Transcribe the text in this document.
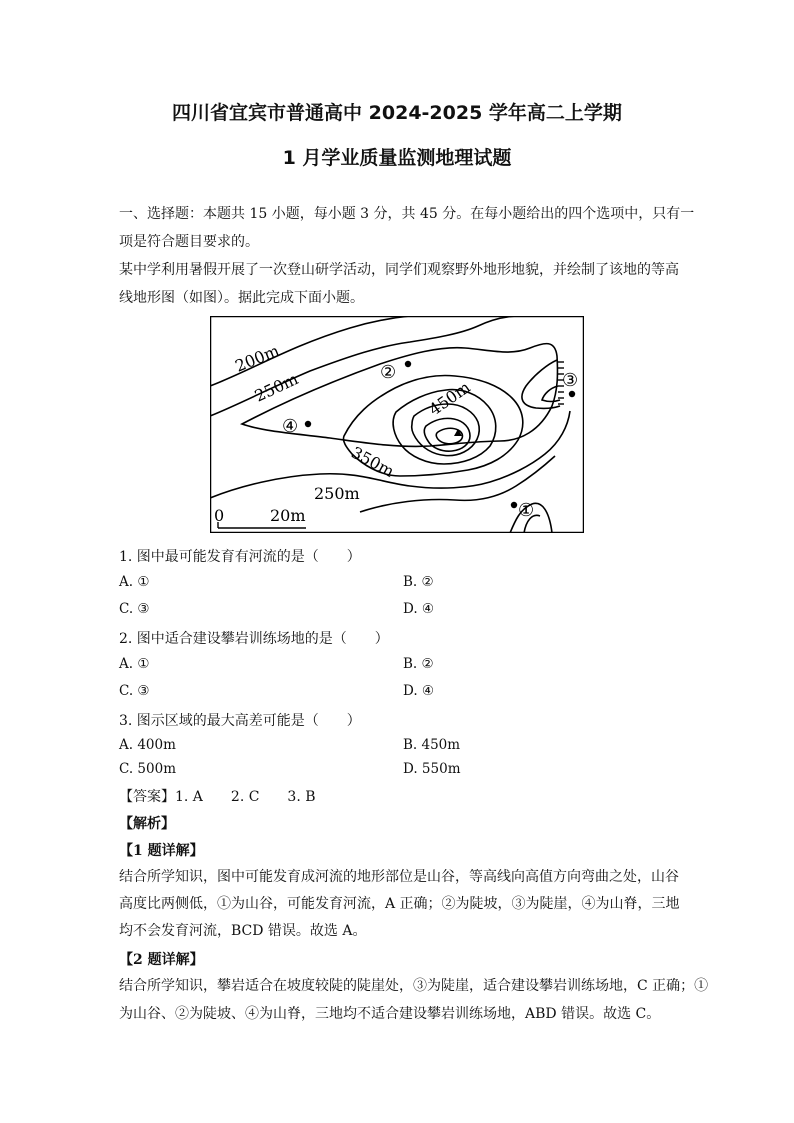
四川省宜宾市普通高中 2024-2025 学年高二上学期
1 月学业质量监测地理试题
一、选择题：本题共 15 小题，每小题 3 分，共 45 分。在每小题给出的四个选项中，只有一
项是符合题目要求的。
某中学利用暑假开展了一次登山研学活动，同学们观察野外地形地貌，并绘制了该地的等高
线地形图（如图）。据此完成下面小题。
200m
250m	450m
350m
250m
②	③
④
①
0	20m
1. 图中最可能发育有河流的是（　　）
A. ①	B. ②
C. ③	D. ④
2. 图中适合建设攀岩训练场地的是（　　）
A. ①	B. ②
C. ③	D. ④
3. 图示区域的最大高差可能是（　　）
A. 400m	B. 450m
C. 500m	D. 550m
【答案】1. A　　2. C　　3. B
【解析】
【1 题详解】
结合所学知识，图中可能发育成河流的地形部位是山谷，等高线向高值方向弯曲之处，山谷
高度比两侧低，①为山谷，可能发育河流，A 正确；②为陡坡，③为陡崖，④为山脊，三地
均不会发育河流，BCD 错误。故选 A。
【2 题详解】
结合所学知识，攀岩适合在坡度较陡的陡崖处，③为陡崖，适合建设攀岩训练场地，C 正确；①
为山谷、②为陡坡、④为山脊，三地均不适合建设攀岩训练场地，ABD 错误。故选 C。
